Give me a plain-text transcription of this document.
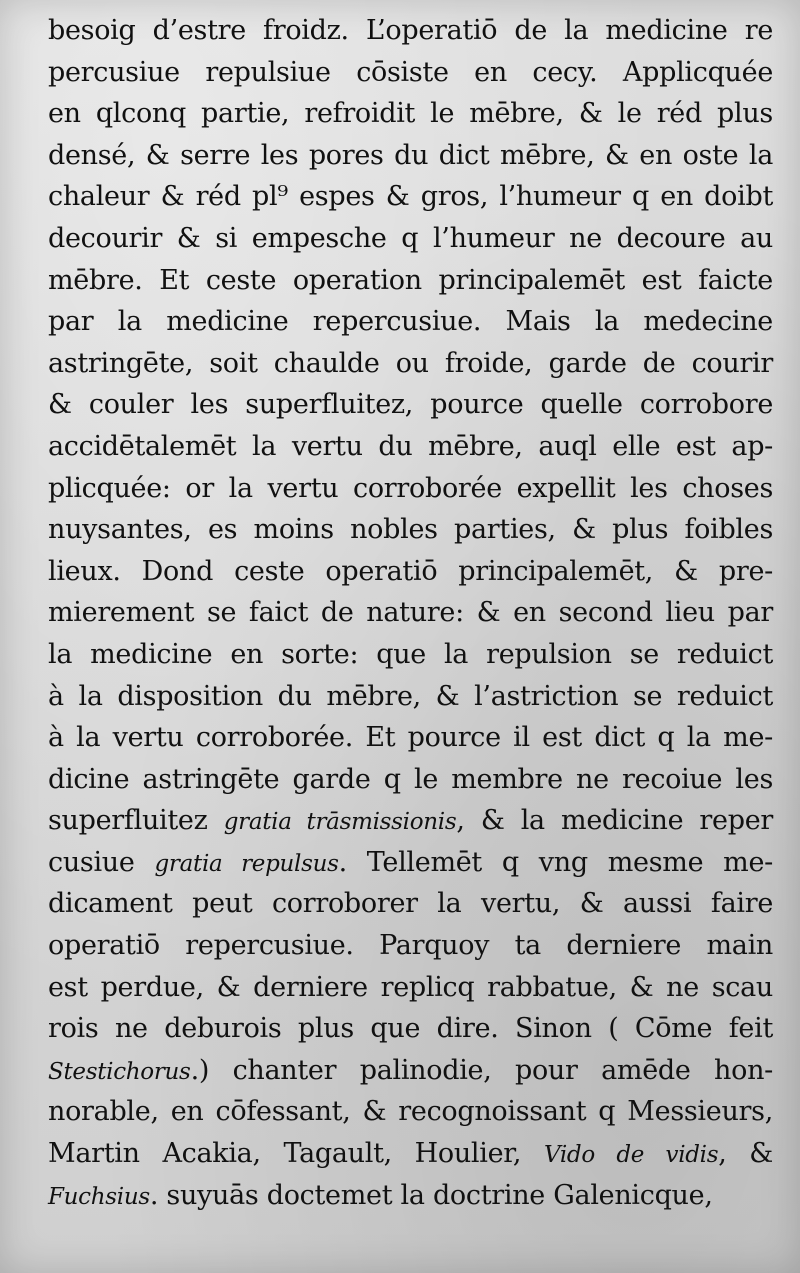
besoig d’estre froidz. L’operatiō de la medicine re
percusiue repulsiue cōsiste en cecy. Applicquée
en qlconq partie, refroidit le mēbre, & le réd plus
densé, & serre les pores du dict mēbre, & en oste la
chaleur & réd pl⁹ espes & gros, l’humeur q en doibt
decourir & si empesche q l’humeur ne decoure au
mēbre. Et ceste operation principalemēt est faicte
par la medicine repercusiue. Mais la medecine
astringēte, soit chaulde ou froide, garde de courir
& couler les superfluitez, pource quelle corrobore
accidētalemēt la vertu du mēbre, auql elle est ap-
plicquée: or la vertu corroborée expellit les choses
nuysantes, es moins nobles parties, & plus foibles
lieux. Dond ceste operatiō principalemēt, & pre-
mierement se faict de nature: & en second lieu par
la medicine en sorte: que la repulsion se reduict
à la disposition du mēbre, & l’astriction se reduict
à la vertu corroborée. Et pource il est dict q la me-
dicine astringēte garde q le membre ne recoiue les
superfluitez gratia trāsmissionis, & la medicine reper
cusiue gratia repulsus. Tellemēt q vng mesme me-
dicament peut corroborer la vertu, & aussi faire
operatiō repercusiue. Parquoy ta derniere main
est perdue, & derniere replicq rabbatue, & ne scau
rois ne deburois plus que dire. Sinon ( Cōme feit
Stestichorus.) chanter palinodie, pour amēde hon-
norable, en cōfessant, & recognoissant q Messieurs,
Martin Acakia, Tagault, Houlier, Vido de vidis, &
Fuchsius. suyuās doctemet la doctrine Galenicque,
